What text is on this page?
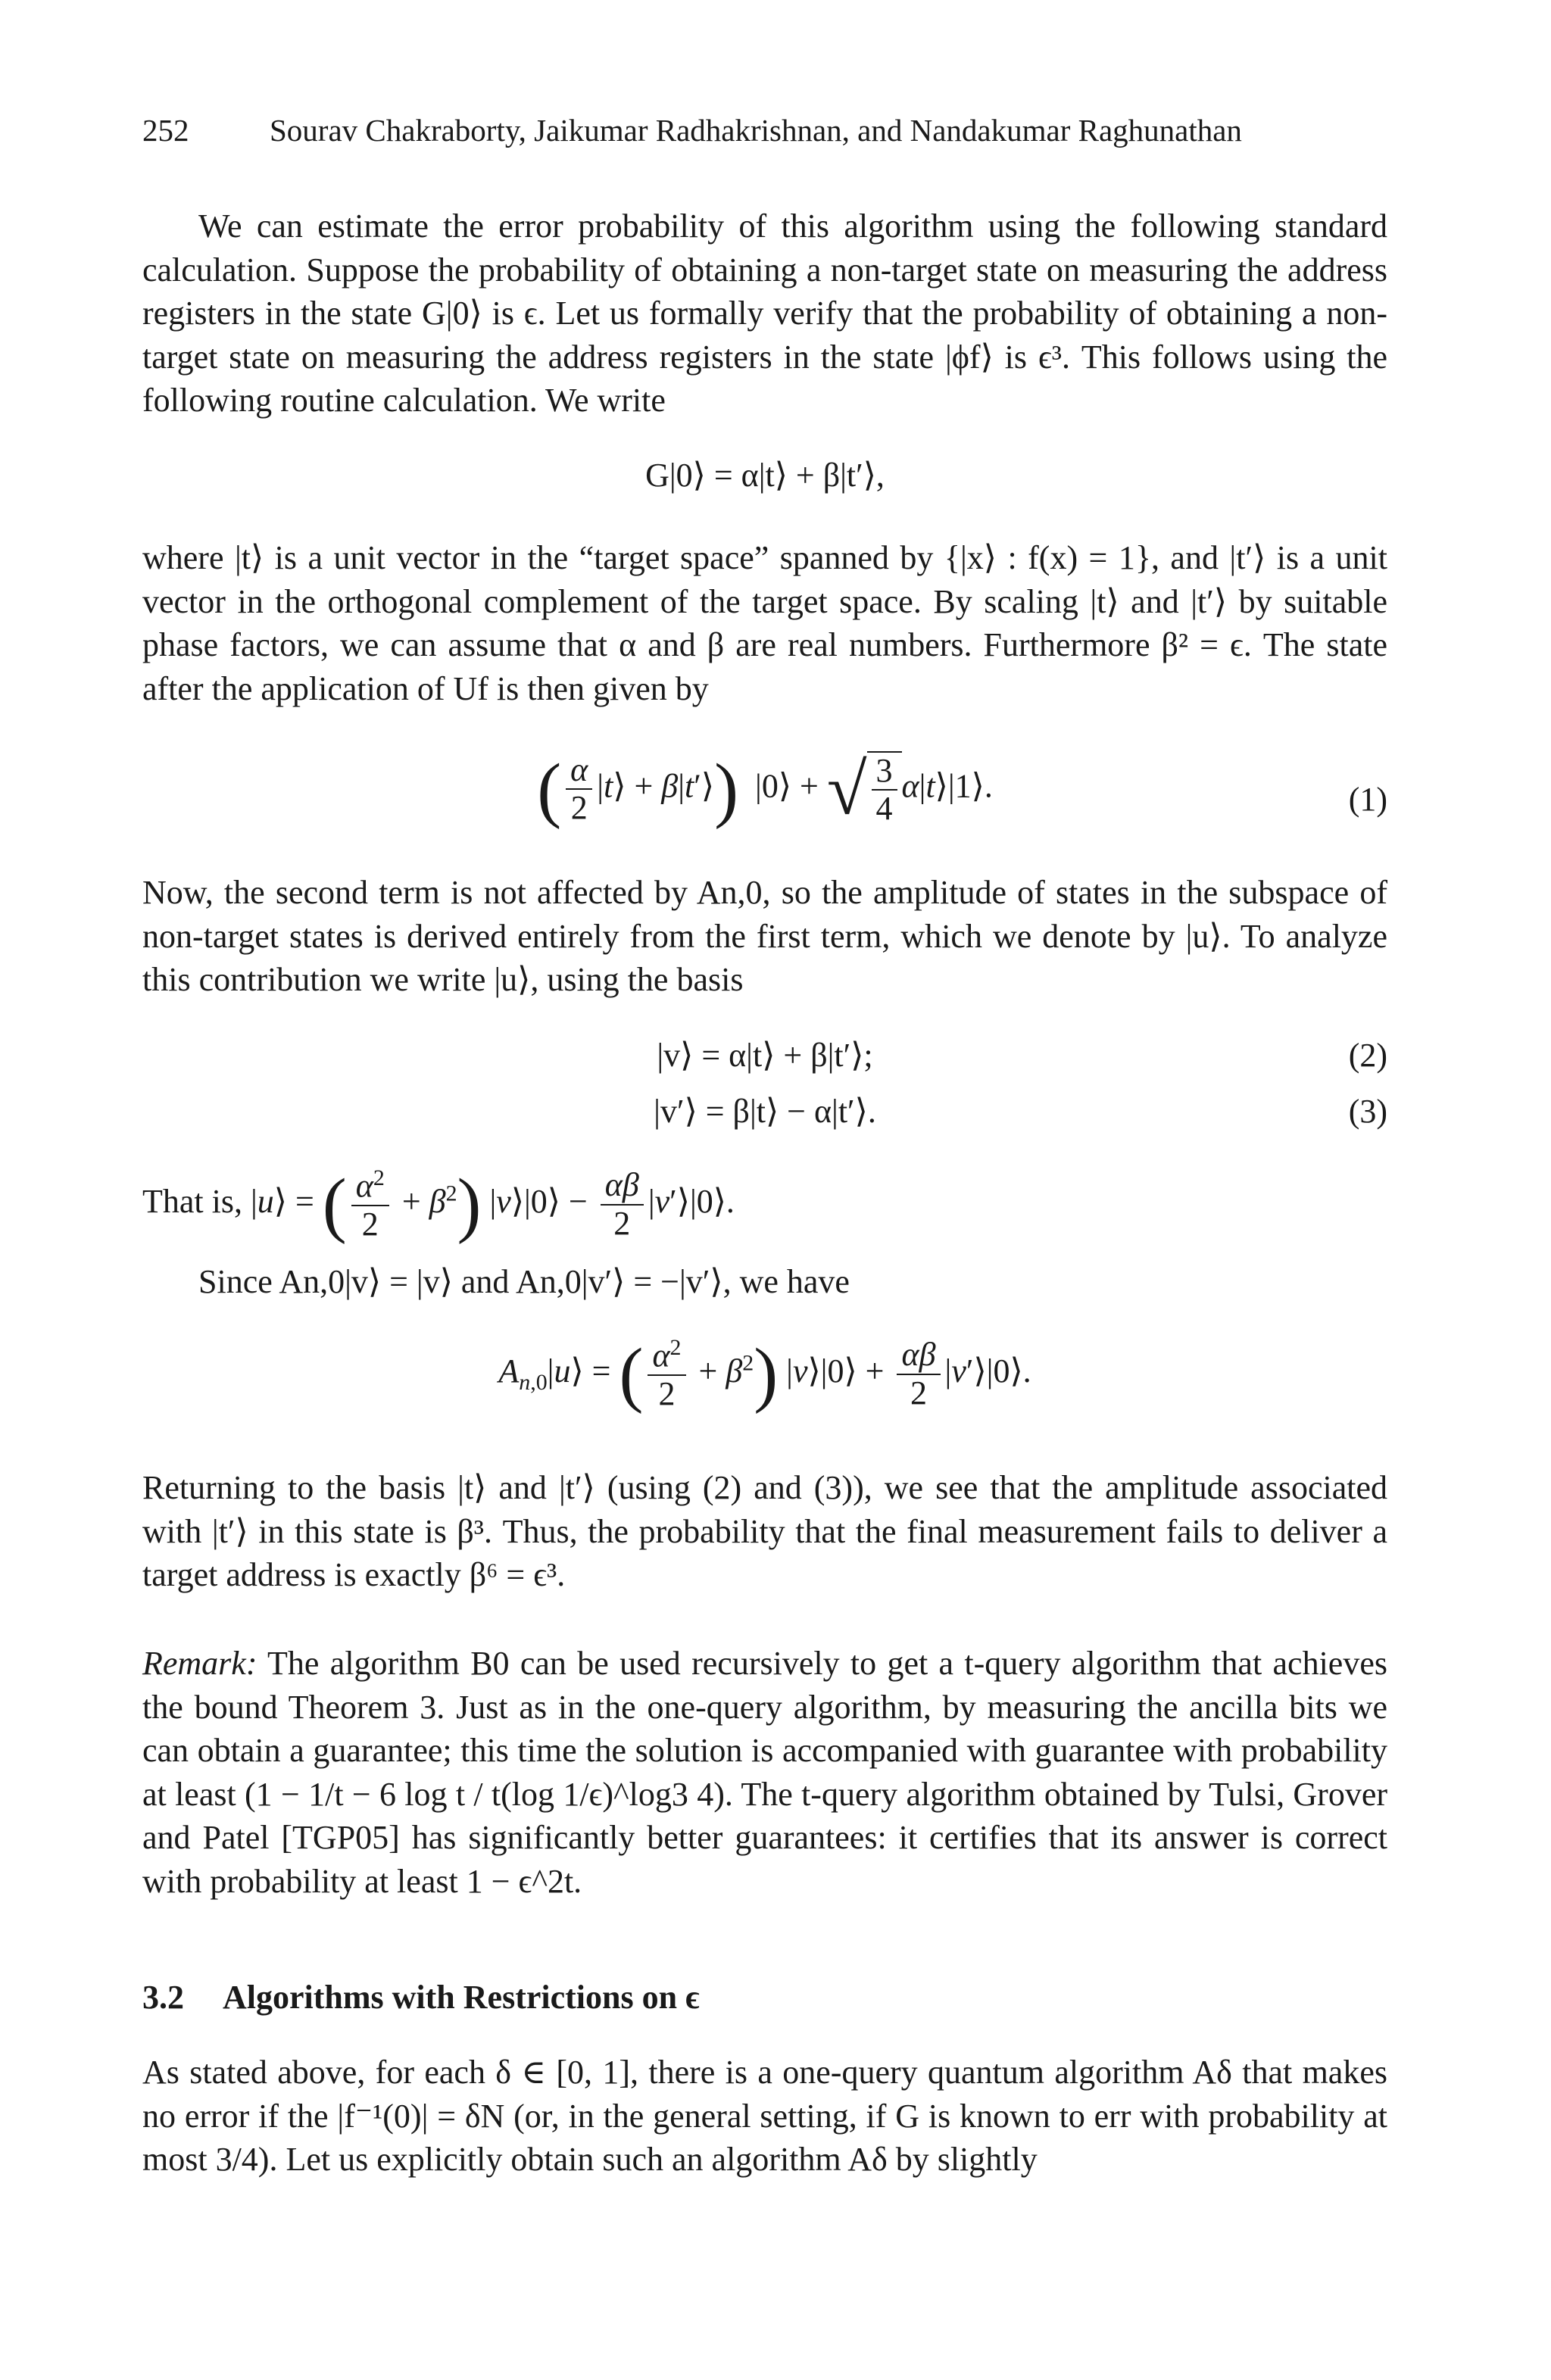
252	Sourav Chakraborty, Jaikumar Radhakrishnan, and Nandakumar Raghunathan

We can estimate the error probability of this algorithm using the following standard calculation. Suppose the probability of obtaining a non-target state on measuring the address registers in the state G|0⟩ is ϵ. Let us formally verify that the probability of obtaining a non-target state on measuring the address registers in the state |ϕf⟩ is ϵ³. This follows using the following routine calculation. We write

G|0⟩ = α|t⟩ + β|t′⟩,

where |t⟩ is a unit vector in the “target space” spanned by {|x⟩ : f(x) = 1}, and |t′⟩ is a unit vector in the orthogonal complement of the target space. By scaling |t⟩ and |t′⟩ by suitable phase factors, we can assume that α and β are real numbers. Furthermore β² = ϵ. The state after the application of Uf is then given by

( $\frac{\alpha}{2}$ |t⟩ + β|t′⟩)  |0⟩ + √ $\frac{3}{4}$ α|t⟩|1⟩.	(1)

Now, the second term is not affected by An,0, so the amplitude of states in the subspace of non-target states is derived entirely from the first term, which we denote by |u⟩. To analyze this contribution we write |u⟩, using the basis

|v⟩ = α|t⟩ + β|t′⟩;	(2)
|v′⟩ = β|t⟩ − α|t′⟩.	(3)
That is, |u⟩ = ( $\frac{\alpha^2}{2} + \beta^2$) |v⟩|0⟩ − $\frac{\alpha\beta}{2}$ |v′⟩|0⟩.

Since An,0|v⟩ = |v⟩ and An,0|v′⟩ = −|v′⟩, we have

$A_{n,0}|u⟩$ = ( $\frac{\alpha^2}{2} + \beta^2$) |v⟩|0⟩ + $\frac{\alpha\beta}{2}$ |v′⟩|0⟩.

Returning to the basis |t⟩ and |t′⟩ (using (2) and (3)), we see that the amplitude associated with |t′⟩ in this state is β³. Thus, the probability that the final measurement fails to deliver a target address is exactly β⁶ = ϵ³.

Remark: The algorithm B0 can be used recursively to get a t-query algorithm that achieves the bound Theorem 3. Just as in the one-query algorithm, by measuring the ancilla bits we can obtain a guarantee; this time the solution is accompanied with guarantee with probability at least (1 − 1/t − 6 log t / t(log 1/ϵ)^log3 4). The t-query algorithm obtained by Tulsi, Grover and Patel [TGP05] has significantly better guarantees: it certifies that its answer is correct with probability at least 1 − ϵ^2t.

3.2 Algorithms with Restrictions on ϵ

As stated above, for each δ ∈ [0, 1], there is a one-query quantum algorithm Aδ that makes no error if the |f⁻¹(0)| = δN (or, in the general setting, if G is known to err with probability at most 3/4). Let us explicitly obtain such an algorithm Aδ by slightly
